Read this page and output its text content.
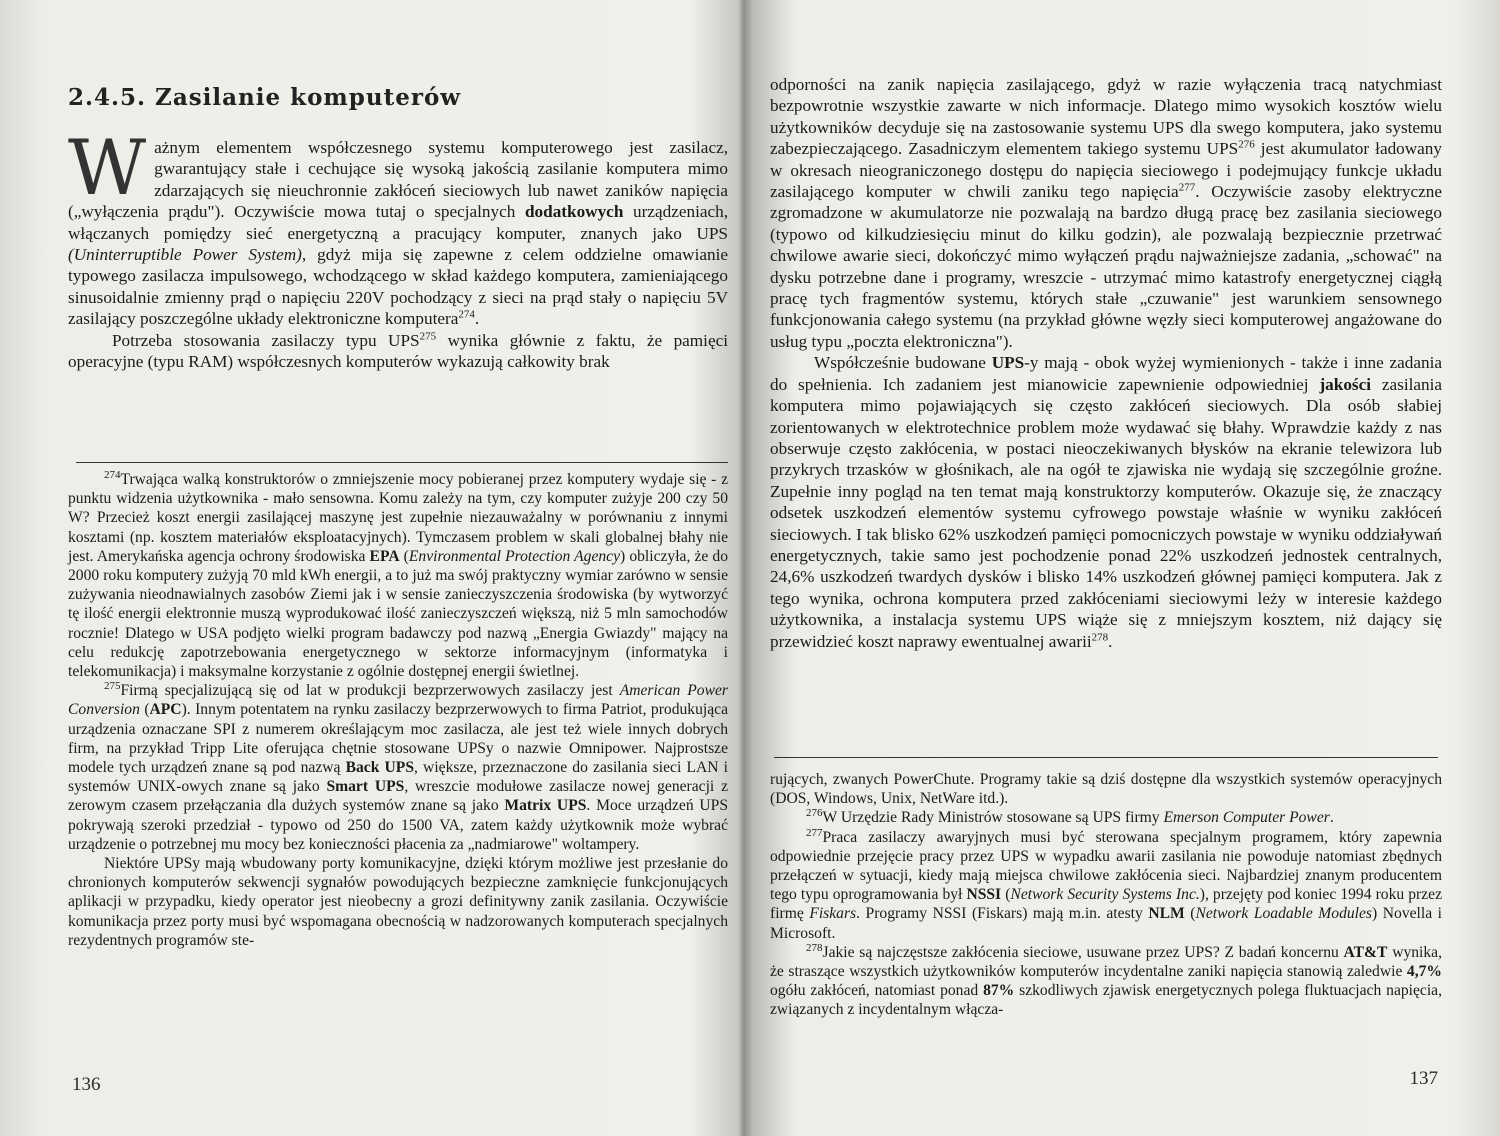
2.4.5. Zasilanie komputerów

Ważnym elementem współczesnego systemu komputerowego jest zasilacz, gwarantujący stałe i cechujące się wysoką jakością zasilanie komputera mimo zdarzających się nieuchronnie zakłóceń sieciowych lub nawet zaników napięcia („wyłączenia prądu"). Oczywiście mowa tutaj o specjalnych dodatkowych urządzeniach, włączanych pomiędzy sieć energetyczną a pracujący komputer, znanych jako UPS (Uninterruptible Power System), gdyż mija się zapewne z celem oddzielne omawianie typowego zasilacza impulsowego, wchodzącego w skład każdego komputera, zamieniającego sinusoidalnie zmienny prąd o napięciu 220V pochodzący z sieci na prąd stały o napięciu 5V zasilający poszczególne układy elektroniczne komputera$^{274}$.

Potrzeba stosowania zasilaczy typu UPS$^{275}$ wynika głównie z faktu, że pamięci operacyjne (typu RAM) współczesnych komputerów wykazują całkowity brak

$^{274}$Trwająca walką konstruktorów o zmniejszenie mocy pobieranej przez komputery wydaje się - z punktu widzenia użytkownika - mało sensowna. Komu zależy na tym, czy komputer zużyje 200 czy 50 W? Przecież koszt energii zasilającej maszynę jest zupełnie niezauważalny w porównaniu z innymi kosztami (np. kosztem materiałów eksploatacyjnych). Tymczasem problem w skali globalnej błahy nie jest. Amerykańska agencja ochrony środowiska EPA (Environmental Protection Agency) obliczyła, że do 2000 roku komputery zużyją 70 mld kWh energii, a to już ma swój praktyczny wymiar zarówno w sensie zużywania nieodnawialnych zasobów Ziemi jak i w sensie zanieczyszczenia środowiska (by wytworzyć tę ilość energii elektronnie muszą wyprodukować ilość zanieczyszczeń większą, niż 5 mln samochodów rocznie! Dlatego w USA podjęto wielki program badawczy pod nazwą „Energia Gwiazdy" mający na celu redukcję zapotrzebowania energetycznego w sektorze informacyjnym (informatyka i telekomunikacja) i maksymalne korzystanie z ogólnie dostępnej energii świetlnej.

$^{275}$Firmą specjalizującą się od lat w produkcji bezprzerwowych zasilaczy jest American Power Conversion (APC). Innym potentatem na rynku zasilaczy bezprzerwowych to firma Patriot, produkująca urządzenia oznaczane SPI z numerem określającym moc zasilacza, ale jest też wiele innych dobrych firm, na przykład Tripp Lite oferująca chętnie stosowane UPSy o nazwie Omnipower. Najprostsze modele tych urządzeń znane są pod nazwą Back UPS, większe, przeznaczone do zasilania sieci LAN i systemów UNIX-owych znane są jako Smart UPS, wreszcie modułowe zasilacze nowej generacji z zerowym czasem przełączania dla dużych systemów znane są jako Matrix UPS. Moce urządzeń UPS pokrywają szeroki przedział - typowo od 250 do 1500 VA, zatem każdy użytkownik może wybrać urządzenie o potrzebnej mu mocy bez konieczności płacenia za „nadmiarowe" woltampery.

Niektóre UPSy mają wbudowany porty komunikacyjne, dzięki którym możliwe jest przesłanie do chronionych komputerów sekwencji sygnałów powodujących bezpieczne zamknięcie funkcjonujących aplikacji w przypadku, kiedy operator jest nieobecny a grozi definitywny zanik zasilania. Oczywiście komunikacja przez porty musi być wspomagana obecnością w nadzorowanych komputerach specjalnych rezydentnych programów ste-

136

odporności na zanik napięcia zasilającego, gdyż w razie wyłączenia tracą natychmiast bezpowrotnie wszystkie zawarte w nich informacje. Dlatego mimo wysokich kosztów wielu użytkowników decyduje się na zastosowanie systemu UPS dla swego komputera, jako systemu zabezpieczającego. Zasadniczym elementem takiego systemu UPS$^{276}$ jest akumulator ładowany w okresach nieograniczonego dostępu do napięcia sieciowego i podejmujący funkcje układu zasilającego komputer w chwili zaniku tego napięcia$^{277}$. Oczywiście zasoby elektryczne zgromadzone w akumulatorze nie pozwalają na bardzo długą pracę bez zasilania sieciowego (typowo od kilkudziesięciu minut do kilku godzin), ale pozwalają bezpiecznie przetrwać chwilowe awarie sieci, dokończyć mimo wyłączeń prądu najważniejsze zadania, „schować" na dysku potrzebne dane i programy, wreszcie - utrzymać mimo katastrofy energetycznej ciągłą pracę tych fragmentów systemu, których stałe „czuwanie" jest warunkiem sensownego funkcjonowania całego systemu (na przykład główne węzły sieci komputerowej angażowane do usług typu „poczta elektroniczna").

Współcześnie budowane UPS-y mają - obok wyżej wymienionych - także i inne zadania do spełnienia. Ich zadaniem jest mianowicie zapewnienie odpowiedniej jakości zasilania komputera mimo pojawiających się często zakłóceń sieciowych. Dla osób słabiej zorientowanych w elektrotechnice problem może wydawać się błahy. Wprawdzie każdy z nas obserwuje często zakłócenia, w postaci nieoczekiwanych błysków na ekranie telewizora lub przykrych trzasków w głośnikach, ale na ogół te zjawiska nie wydają się szczególnie groźne. Zupełnie inny pogląd na ten temat mają konstruktorzy komputerów. Okazuje się, że znaczący odsetek uszkodzeń elementów systemu cyfrowego powstaje właśnie w wyniku zakłóceń sieciowych. I tak blisko 62% uszkodzeń pamięci pomocniczych powstaje w wyniku oddziaływań energetycznych, takie samo jest pochodzenie ponad 22% uszkodzeń jednostek centralnych, 24,6% uszkodzeń twardych dysków i blisko 14% uszkodzeń głównej pamięci komputera. Jak z tego wynika, ochrona komputera przed zakłóceniami sieciowymi leży w interesie każdego użytkownika, a instalacja systemu UPS wiąże się z mniejszym kosztem, niż dający się przewidzieć koszt naprawy ewentualnej awarii$^{278}$.

rujących, zwanych PowerChute. Programy takie są dziś dostępne dla wszystkich systemów operacyjnych (DOS, Windows, Unix, NetWare itd.).

$^{276}$W Urzędzie Rady Ministrów stosowane są UPS firmy Emerson Computer Power.

$^{277}$Praca zasilaczy awaryjnych musi być sterowana specjalnym programem, który zapewnia odpowiednie przejęcie pracy przez UPS w wypadku awarii zasilania nie powoduje natomiast zbędnych przełączeń w sytuacji, kiedy mają miejsca chwilowe zakłócenia sieci. Najbardziej znanym producentem tego typu oprogramowania był NSSI (Network Security Systems Inc.), przejęty pod koniec 1994 roku przez firmę Fiskars. Programy NSSI (Fiskars) mają m.in. atesty NLM (Network Loadable Modules) Novella i Microsoft.

$^{278}$Jakie są najczęstsze zakłócenia sieciowe, usuwane przez UPS? Z badań koncernu AT&T wynika, że straszące wszystkich użytkowników komputerów incydentalne zaniki napięcia stanowią zaledwie 4,7% ogółu zakłóceń, natomiast ponad 87% szkodliwych zjawisk energetycznych polega fluktuacjach napięcia, związanych z incydentalnym włącza-

137
